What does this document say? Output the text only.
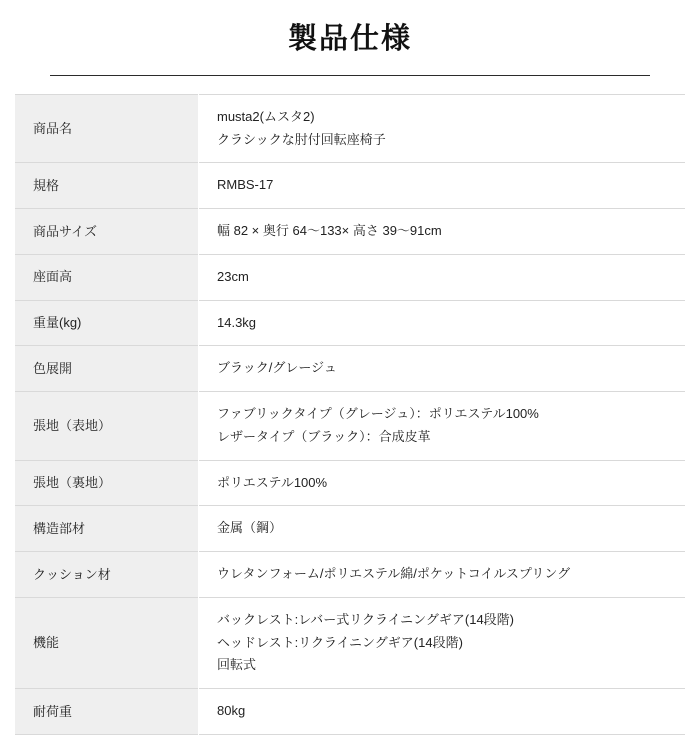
製品仕様
商品名	musta2(ムスタ2)
クラシックな肘付回転座椅子

規格	RMBS-17

商品サイズ	幅 82 × 奥行 64〜133× 高さ 39〜91cm

座面高	23cm

重量(kg)	14.3kg

色展開	ブラック/グレージュ

張地（表地）	ファブリックタイプ（グレージュ）：ポリエステル100%
レザータイプ（ブラック）：合成皮革

張地（裏地）	ポリエステル100%

構造部材	金属（鋼）

クッション材	ウレタンフォーム/ポリエステル綿/ポケットコイルスプリング

機能	バックレスト:レバー式リクライニングギア(14段階)
ヘッドレスト:リクライニングギア(14段階)
回転式

耐荷重	80kg
